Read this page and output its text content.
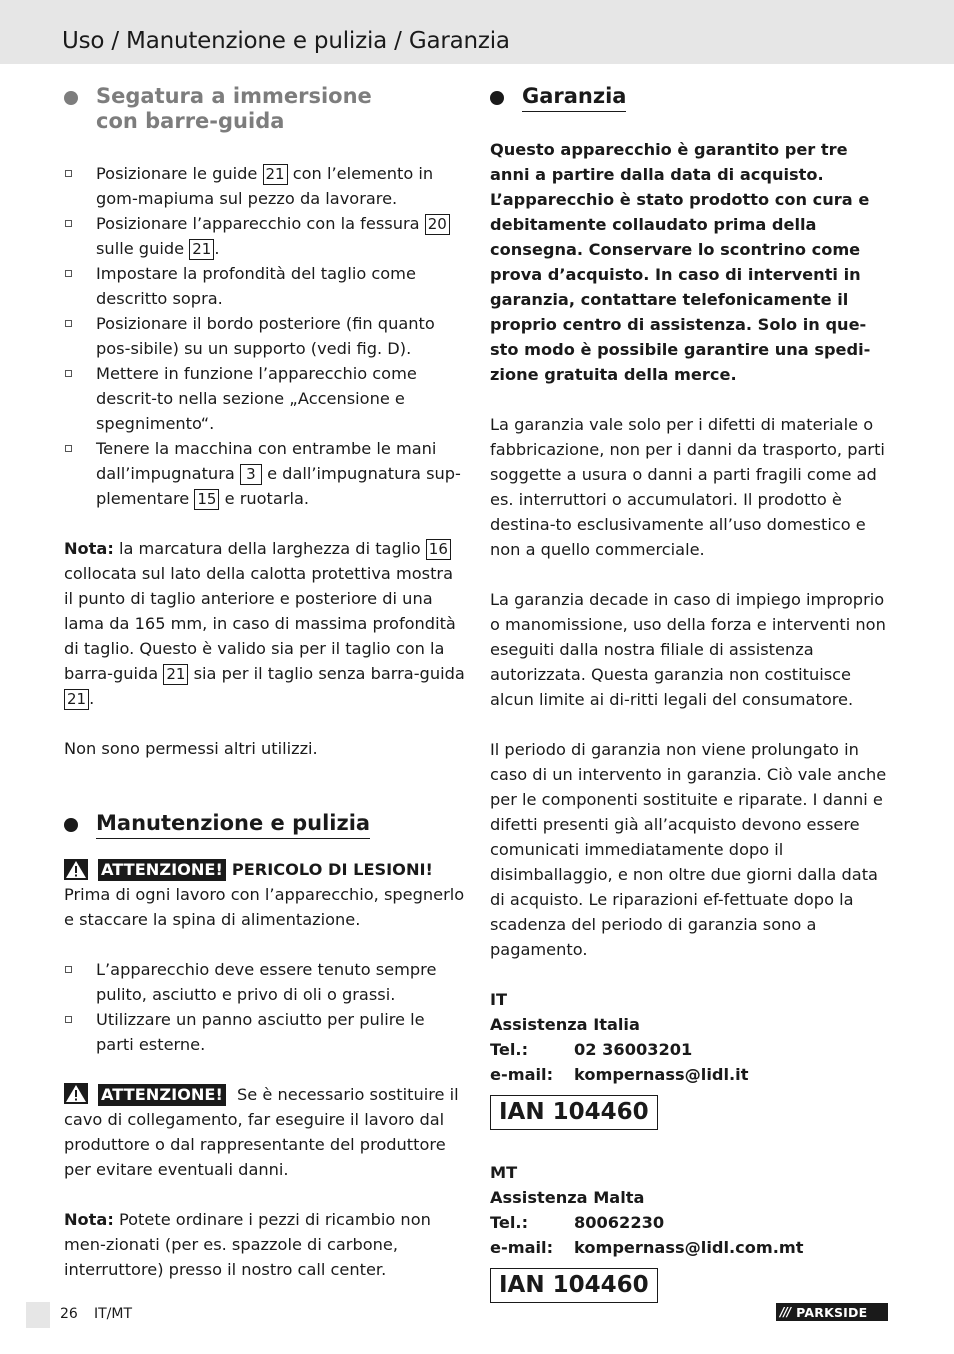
Uso / Manutenzione e pulizia / Garanzia
Segatura a immersione
con barre-guida
Posizionare le guide 21 con l’elemento in gom-mapiuma sul pezzo da lavorare.
Posizionare l’apparecchio con la fessura 20 sulle guide 21 .
Impostare la profondità del taglio come descritto sopra.
Posizionare il bordo posteriore (fin quanto pos-sibile) su un supporto (vedi fig. D).
Mettere in funzione l’apparecchio come descrit-to nella sezione „Accensione e spegnimento“.
Tenere la macchina con entrambe le mani dall’impugnatura 3 e dall’impugnatura sup-plementare 15 e ruotarla.

Nota: la marcatura della larghezza di taglio 16 collocata sul lato della calotta protettiva mostra il punto di taglio anteriore e posteriore di una lama da 165 mm, in caso di massima profondità di taglio. Questo è valido sia per il taglio con la barra-guida 21 sia per il taglio senza barra-guida 21 .

Non sono permessi altri utilizzi.

Manutenzione e pulizia
ATTENZIONE! PERICOLO DI LESIONI!

Prima di ogni lavoro con l’apparecchio, spegnerlo e staccare la spina di alimentazione.

L’apparecchio deve essere tenuto sempre pulito, asciutto e privo di oli o grassi.
Utilizzare un panno asciutto per pulire le parti esterne.

ATTENZIONE! Se è necessario sostituire il cavo di collegamento, far eseguire il lavoro dal produttore o dal rappresentante del produttore per evitare eventuali danni.

Nota: Potete ordinare i pezzi di ricambio non men-zionati (per es. spazzole di carbone, interruttore) presso il nostro call center.

Garanzia

Questo apparecchio è garantito per tre anni a partire dalla data di acquisto. L’apparecchio è stato prodotto con cura e debitamente collaudato prima della consegna. Conservare lo scontrino come prova d’acquisto. In caso di interventi in garanzia, contattare telefonicamente il proprio centro di assistenza. Solo in que-sto modo è possibile garantire una spedi-zione gratuita della merce.

La garanzia vale solo per i difetti di materiale o fabbricazione, non per i danni da trasporto, parti soggette a usura o danni a parti fragili come ad es. interruttori o accumulatori. Il prodotto è destina-to esclusivamente all’uso domestico e non a quello commerciale.

La garanzia decade in caso di impiego improprio o manomissione, uso della forza e interventi non eseguiti dalla nostra filiale di assistenza autorizzata. Questa garanzia non costituisce alcun limite ai di-ritti legali del consumatore.

Il periodo di garanzia non viene prolungato in caso di un intervento in garanzia. Ciò vale anche per le componenti sostituite e riparate. I danni e difetti presenti già all’acquisto devono essere comunicati immediatamente dopo il disimballaggio, e non oltre due giorni dalla data di acquisto. Le riparazioni ef-fettuate dopo la scadenza del periodo di garanzia sono a pagamento.

IT
Assistenza Italia
Tel.:	02 36003201
e-mail:	kompernass@lidl.it
IAN 104460
MT
Assistenza Malta
Tel.:	80062230
e-mail:	kompernass@lidl.com.mt
IAN 104460
26 IT/MT	/// PARKSIDE
